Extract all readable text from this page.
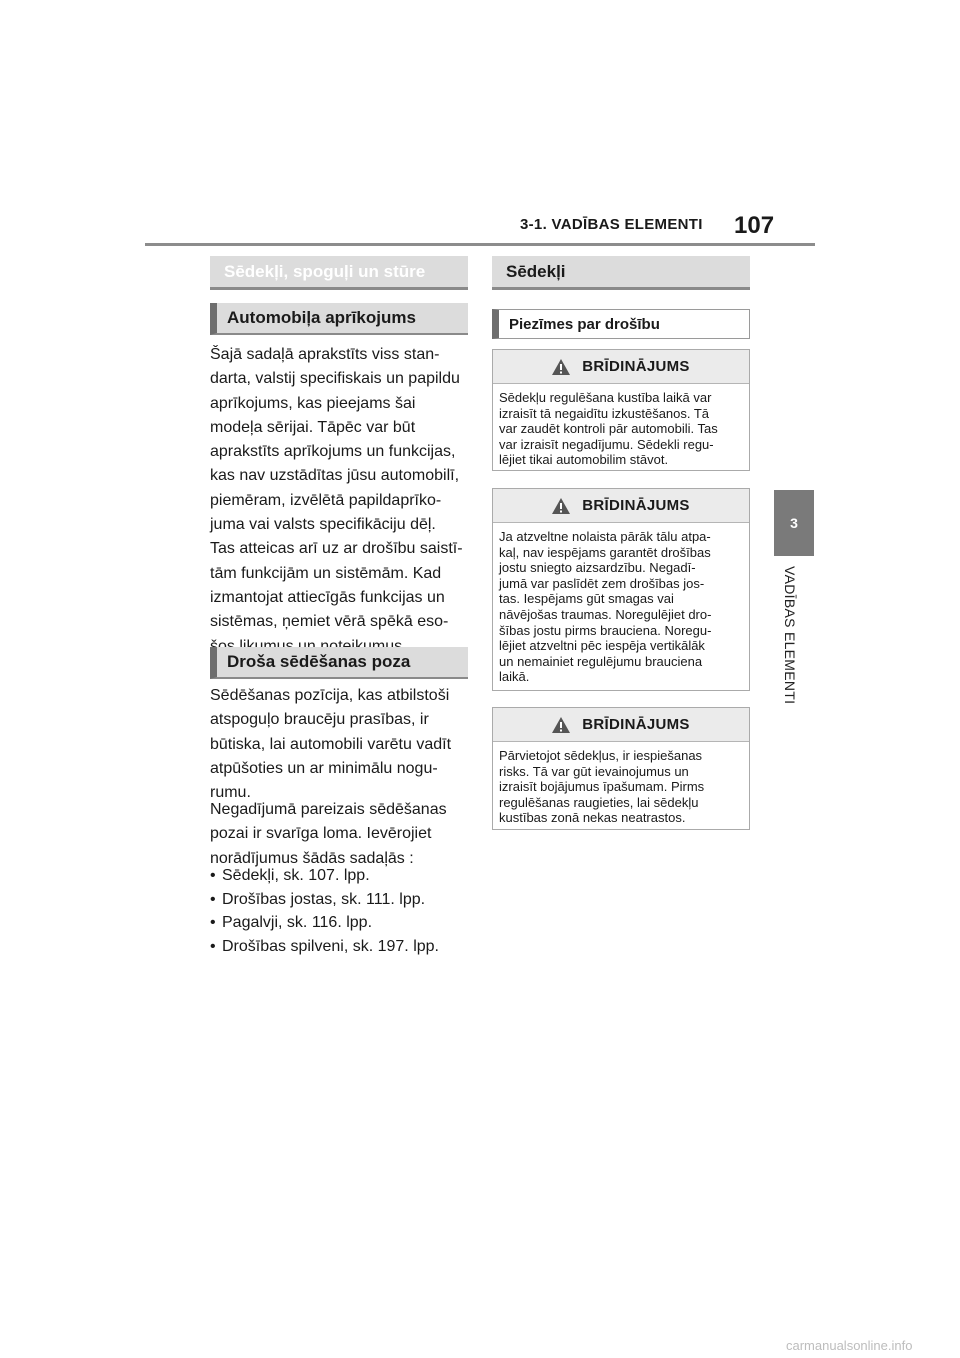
3-1. VADĪBAS ELEMENTI 107
3
VADĪBAS ELEMENTI
Sēdekļi, spoguļi un stūre
Automobiļa aprīkojums

Šajā sadaļā aprakstīts viss stan-
darta, valstij specifiskais un papildu
aprīkojums, kas pieejams šai
modeļa sērijai. Tāpēc var būt
aprakstīts aprīkojums un funkcijas,
kas nav uzstādītas jūsu automobilī,
piemēram, izvēlētā papildaprīko-
juma vai valsts specifikāciju dēļ.
Tas atteicas arī uz ar drošību saistī-
tām funkcijām un sistēmām. Kad
izmantojat attiecīgās funkcijas un
sistēmas, ņemiet vērā spēkā eso-

Droša sēdēšanas poza

Sēdēšanas pozīcija, kas atbilstoši
atspoguļo braucēju prasības, ir
būtiska, lai automobili varētu vadīt
atpūšoties un ar minimālu nogu-
rumu.

Negadījumā pareizais sēdēšanas
pozai ir svarīga loma. Ievērojiet
norādījumus šādās sadaļās :

• Sēdekļi, sk. 107. lpp.
• Drošības jostas, sk. 111. lpp.
• Pagalvji, sk. 116. lpp.
• Drošības spilveni, sk. 197. lpp.
Sēdekļi
Piezīmes par drošību
BRĪDINĀJUMS
Sēdekļu regulēšana kustība laikā var
izraisīt tā negaidītu izkustēšanos. Tā
var zaudēt kontroli pār automobili. Tas
var izraisīt negadījumu. Sēdekli regu-
lējiet tikai automobilim stāvot.
BRĪDINĀJUMS
Ja atzveltne nolaista pārāk tālu atpa-
kaļ, nav iespējams garantēt drošības
jostu sniegto aizsardzību. Negadī-
jumā var paslīdēt zem drošības jos-
tas. Iespējams gūt smagas vai
nāvējošas traumas. Noregulējiet dro-
šības jostu pirms brauciena. Noregu-
lējiet atzveltni pēc iespēja vertikālāk
un nemainiet regulējumu brauciena
laikā.
BRĪDINĀJUMS
Pārvietojot sēdekļus, ir iespiešanas
risks. Tā var gūt ievainojumus un
izraisīt bojājumus īpašumam. Pirms
regulēšanas raugieties, lai sēdekļu
kustības zonā nekas neatrastos.
carmanualsonline.info
